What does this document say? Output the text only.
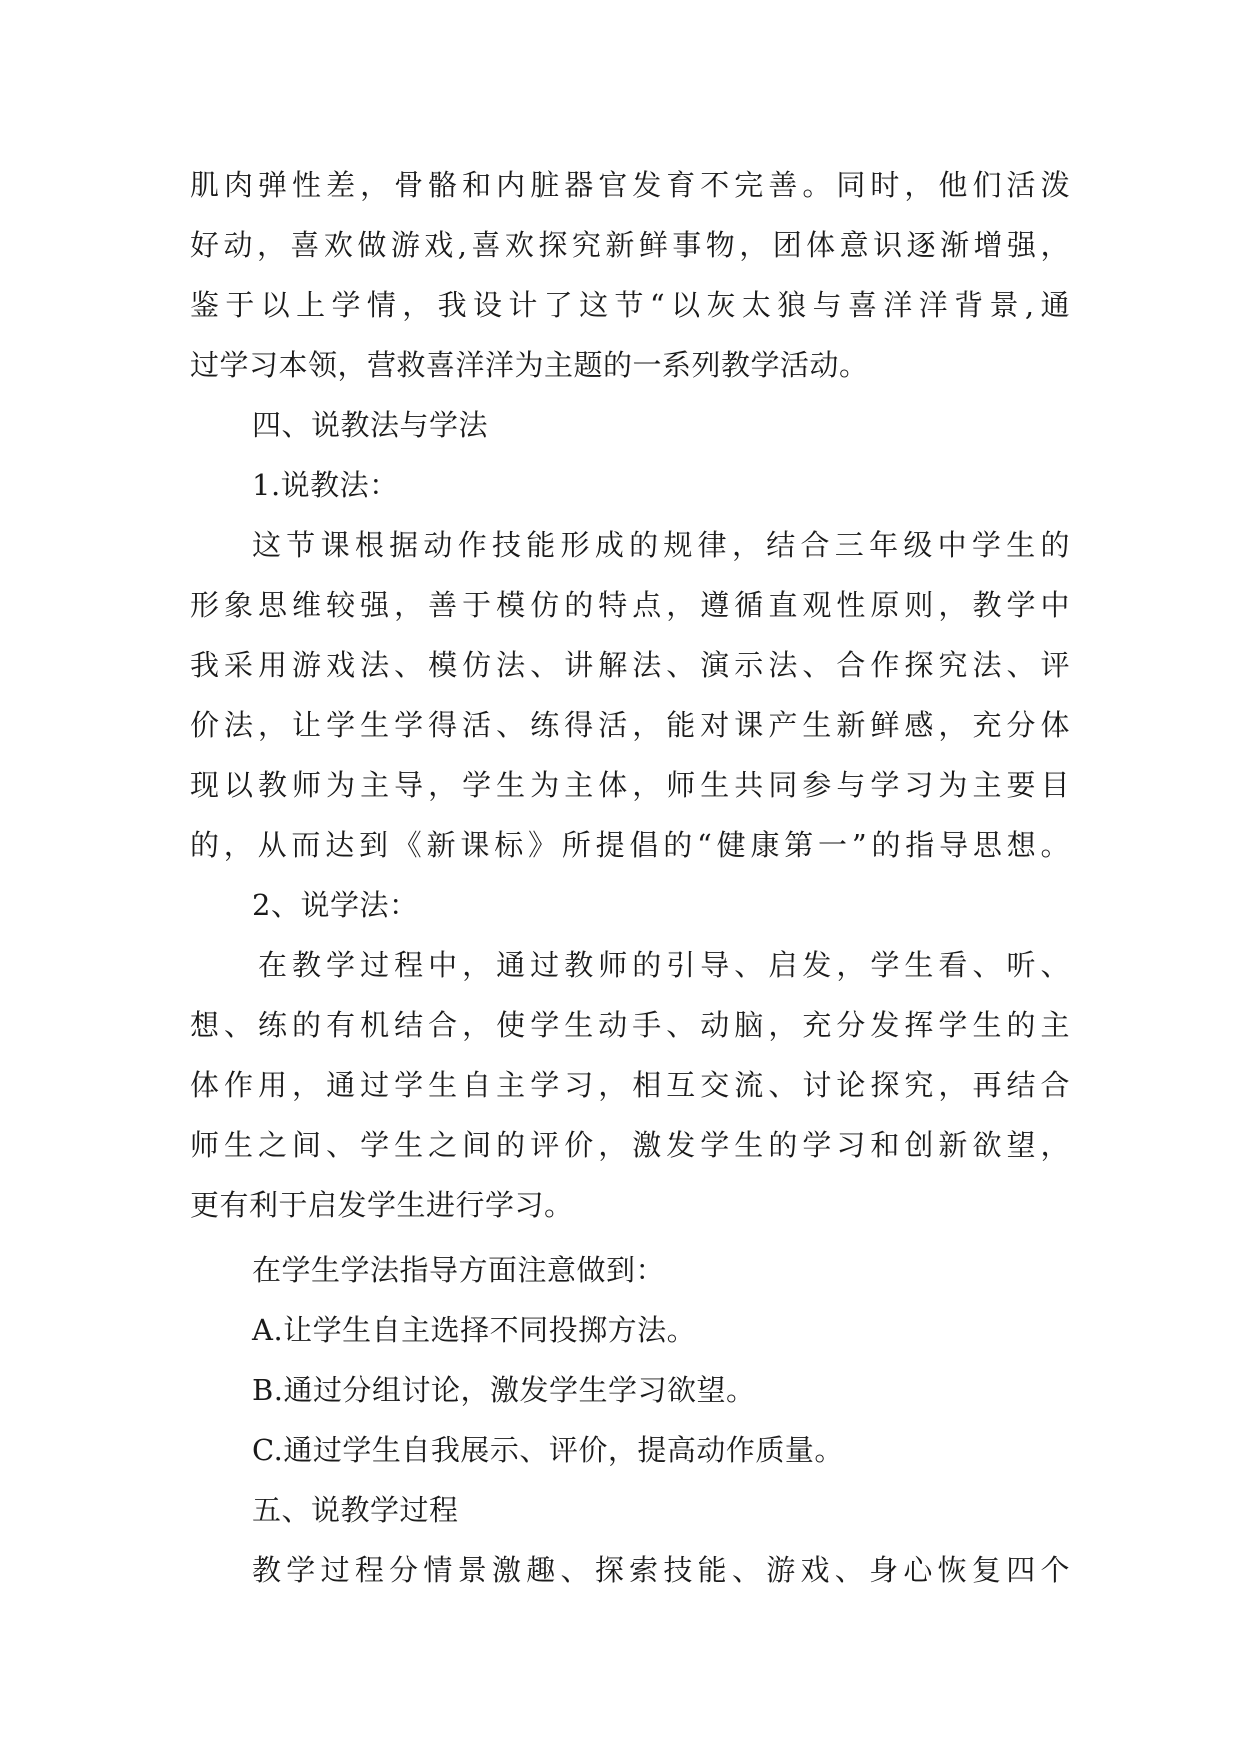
肌肉弹性差，骨骼和内脏器官发育不完善。同时，他们活泼
好动，喜欢做游戏,喜欢探究新鲜事物，团体意识逐渐增强，
鉴于以上学情，我设计了这节“以灰太狼与喜洋洋背景,通
过学习本领，营救喜洋洋为主题的一系列教学活动。
四、说教法与学法
1.说教法：
这节课根据动作技能形成的规律，结合三年级中学生的
形象思维较强，善于模仿的特点，遵循直观性原则，教学中
我采用游戏法、模仿法、讲解法、演示法、合作探究法、评
价法，让学生学得活、练得活，能对课产生新鲜感，充分体
现以教师为主导，学生为主体，师生共同参与学习为主要目
的，从而达到《新课标》所提倡的“健康第一”的指导思想。
2、说学法：
在教学过程中，通过教师的引导、启发，学生看、听、
想、练的有机结合，使学生动手、动脑，充分发挥学生的主
体作用，通过学生自主学习，相互交流、讨论探究，再结合
师生之间、学生之间的评价，激发学生的学习和创新欲望，
更有利于启发学生进行学习。
在学生学法指导方面注意做到：
A.让学生自主选择不同投掷方法。
B.通过分组讨论，激发学生学习欲望。
C.通过学生自我展示、评价，提高动作质量。
五、说教学过程
教学过程分情景激趣、探索技能、游戏、身心恢复四个
